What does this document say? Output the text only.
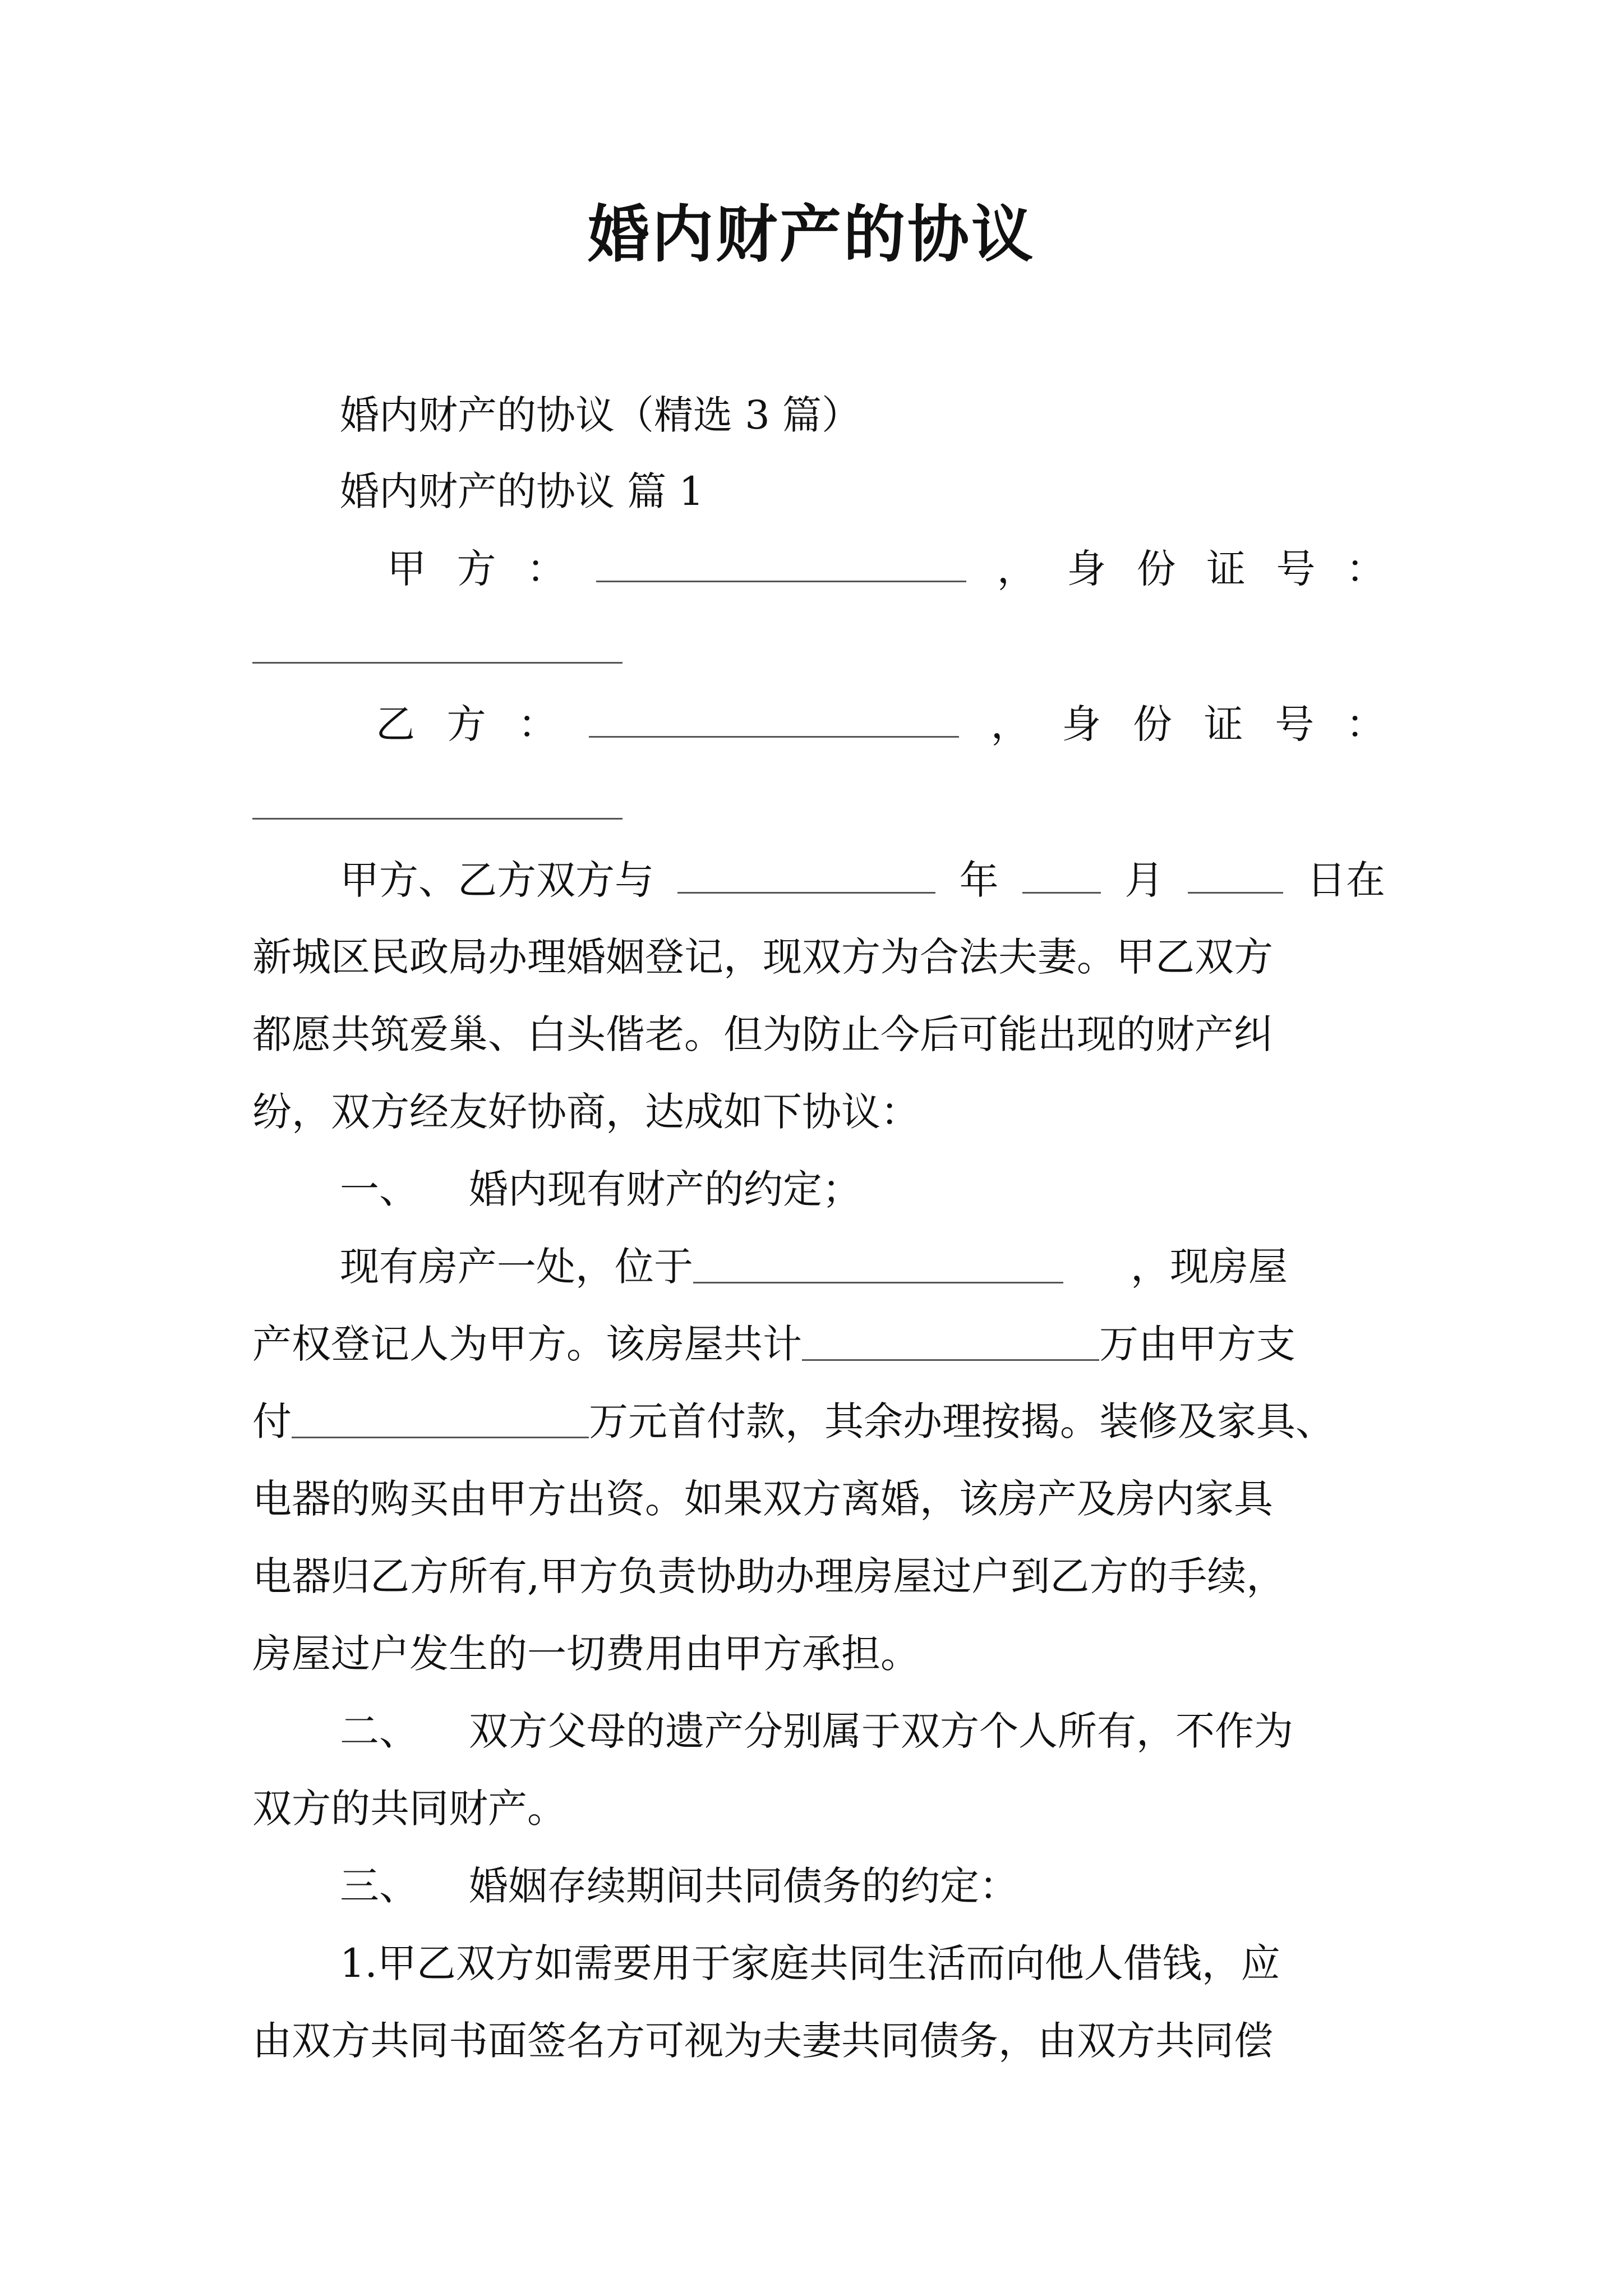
婚内财产的协议
婚内财产的协议（精选 3 篇）
婚内财产的协议 篇 1
甲 方 ：	， 身 份 证 号 ：
乙 方 ：	， 身 份 证 号 ：
甲方、乙方双方与	年	月	日在
新城区民政局办理婚姻登记，现双方为合法夫妻。甲乙双方
都愿共筑爱巢、白头偕老。但为防止今后可能出现的财产纠
纷，双方经友好协商，达成如下协议：
一、 婚内现有财产的约定；
现有房产一处，位于	，现房屋
产权登记人为甲方。该房屋共计	万由甲方支
付	万元首付款，其余办理按揭。装修及家具、
电器的购买由甲方出资。如果双方离婚，该房产及房内家具
电器归乙方所有,甲方负责协助办理房屋过户到乙方的手续，
房屋过户发生的一切费用由甲方承担。
二、 双方父母的遗产分别属于双方个人所有，不作为
双方的共同财产。
三、 婚姻存续期间共同债务的约定：
1.甲乙双方如需要用于家庭共同生活而向他人借钱，应
由双方共同书面签名方可视为夫妻共同债务，由双方共同偿
